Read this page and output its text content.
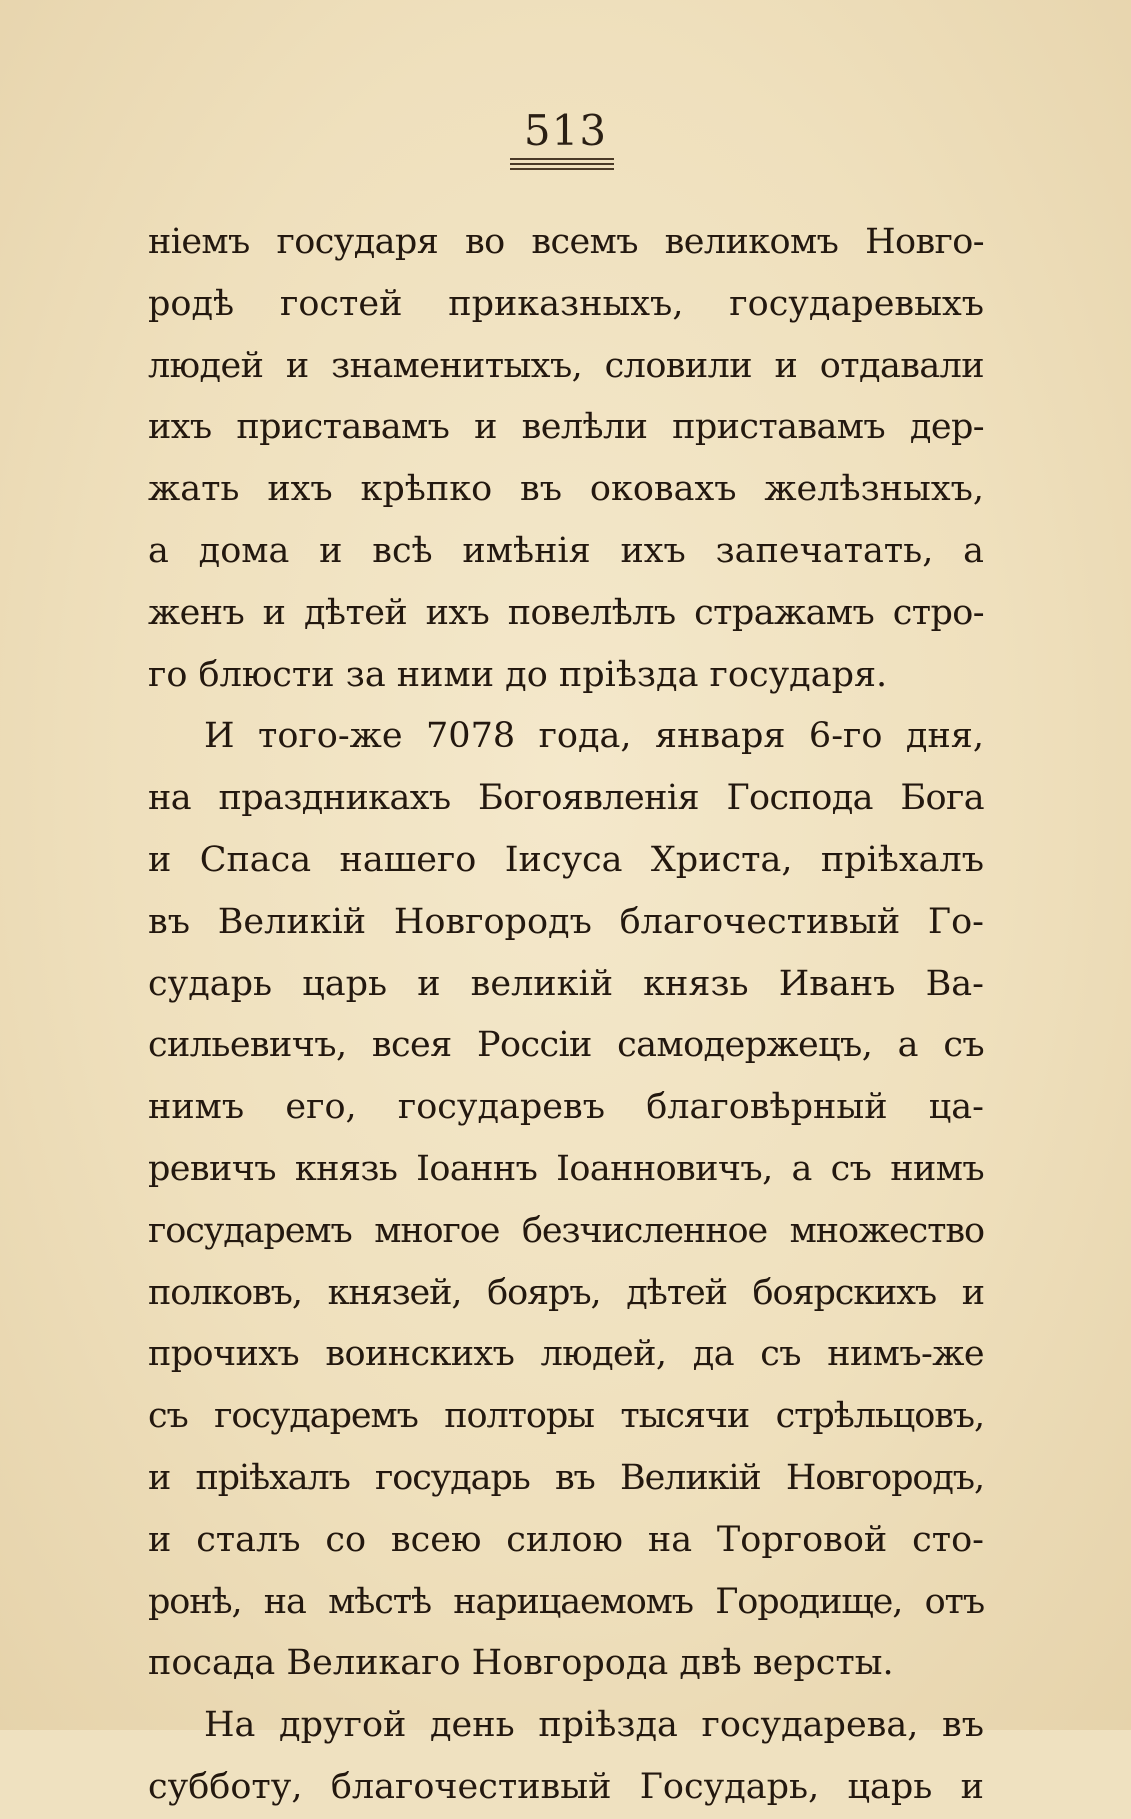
513
нiемъ государя во всемъ великомъ Новго-
родѣ гостей приказныхъ, государевыхъ
людей и знаменитыхъ, словили и отдавали
ихъ приставамъ и велѣли приставамъ дер-
жать ихъ крѣпко въ оковахъ желѣзныхъ,
а дома и всѣ имѣнiя ихъ запечатать, а
женъ и дѣтей ихъ повелѣлъ стражамъ стро-
го блюсти за ними до прiѣзда государя.
И того-же 7078 года, января 6-го дня,
на праздникахъ Богоявленiя Господа Бога
и Спаса нашего Iисуса Христа, прiѣхалъ
въ Великiй Новгородъ благочестивый Го-
сударь царь и великiй князь Иванъ Ва-
сильевичъ, всея Россiи самодержецъ, а съ
нимъ его, государевъ благовѣрный ца-
ревичъ князь Iоаннъ Iоанновичъ, а съ нимъ
государемъ многое безчисленное множество
полковъ, князей, бояръ, дѣтей боярскихъ и
прочихъ воинскихъ людей, да съ нимъ-же
съ государемъ полторы тысячи стрѣльцовъ,
и прiѣхалъ государь въ Великiй Новгородъ,
и сталъ со всею силою на Торговой сто-
ронѣ, на мѣстѣ нарицаемомъ Городище, отъ
посада Великаго Новгорода двѣ версты.
На другой день прiѣзда государева, въ
субботу, благочестивый Государь, царь и
